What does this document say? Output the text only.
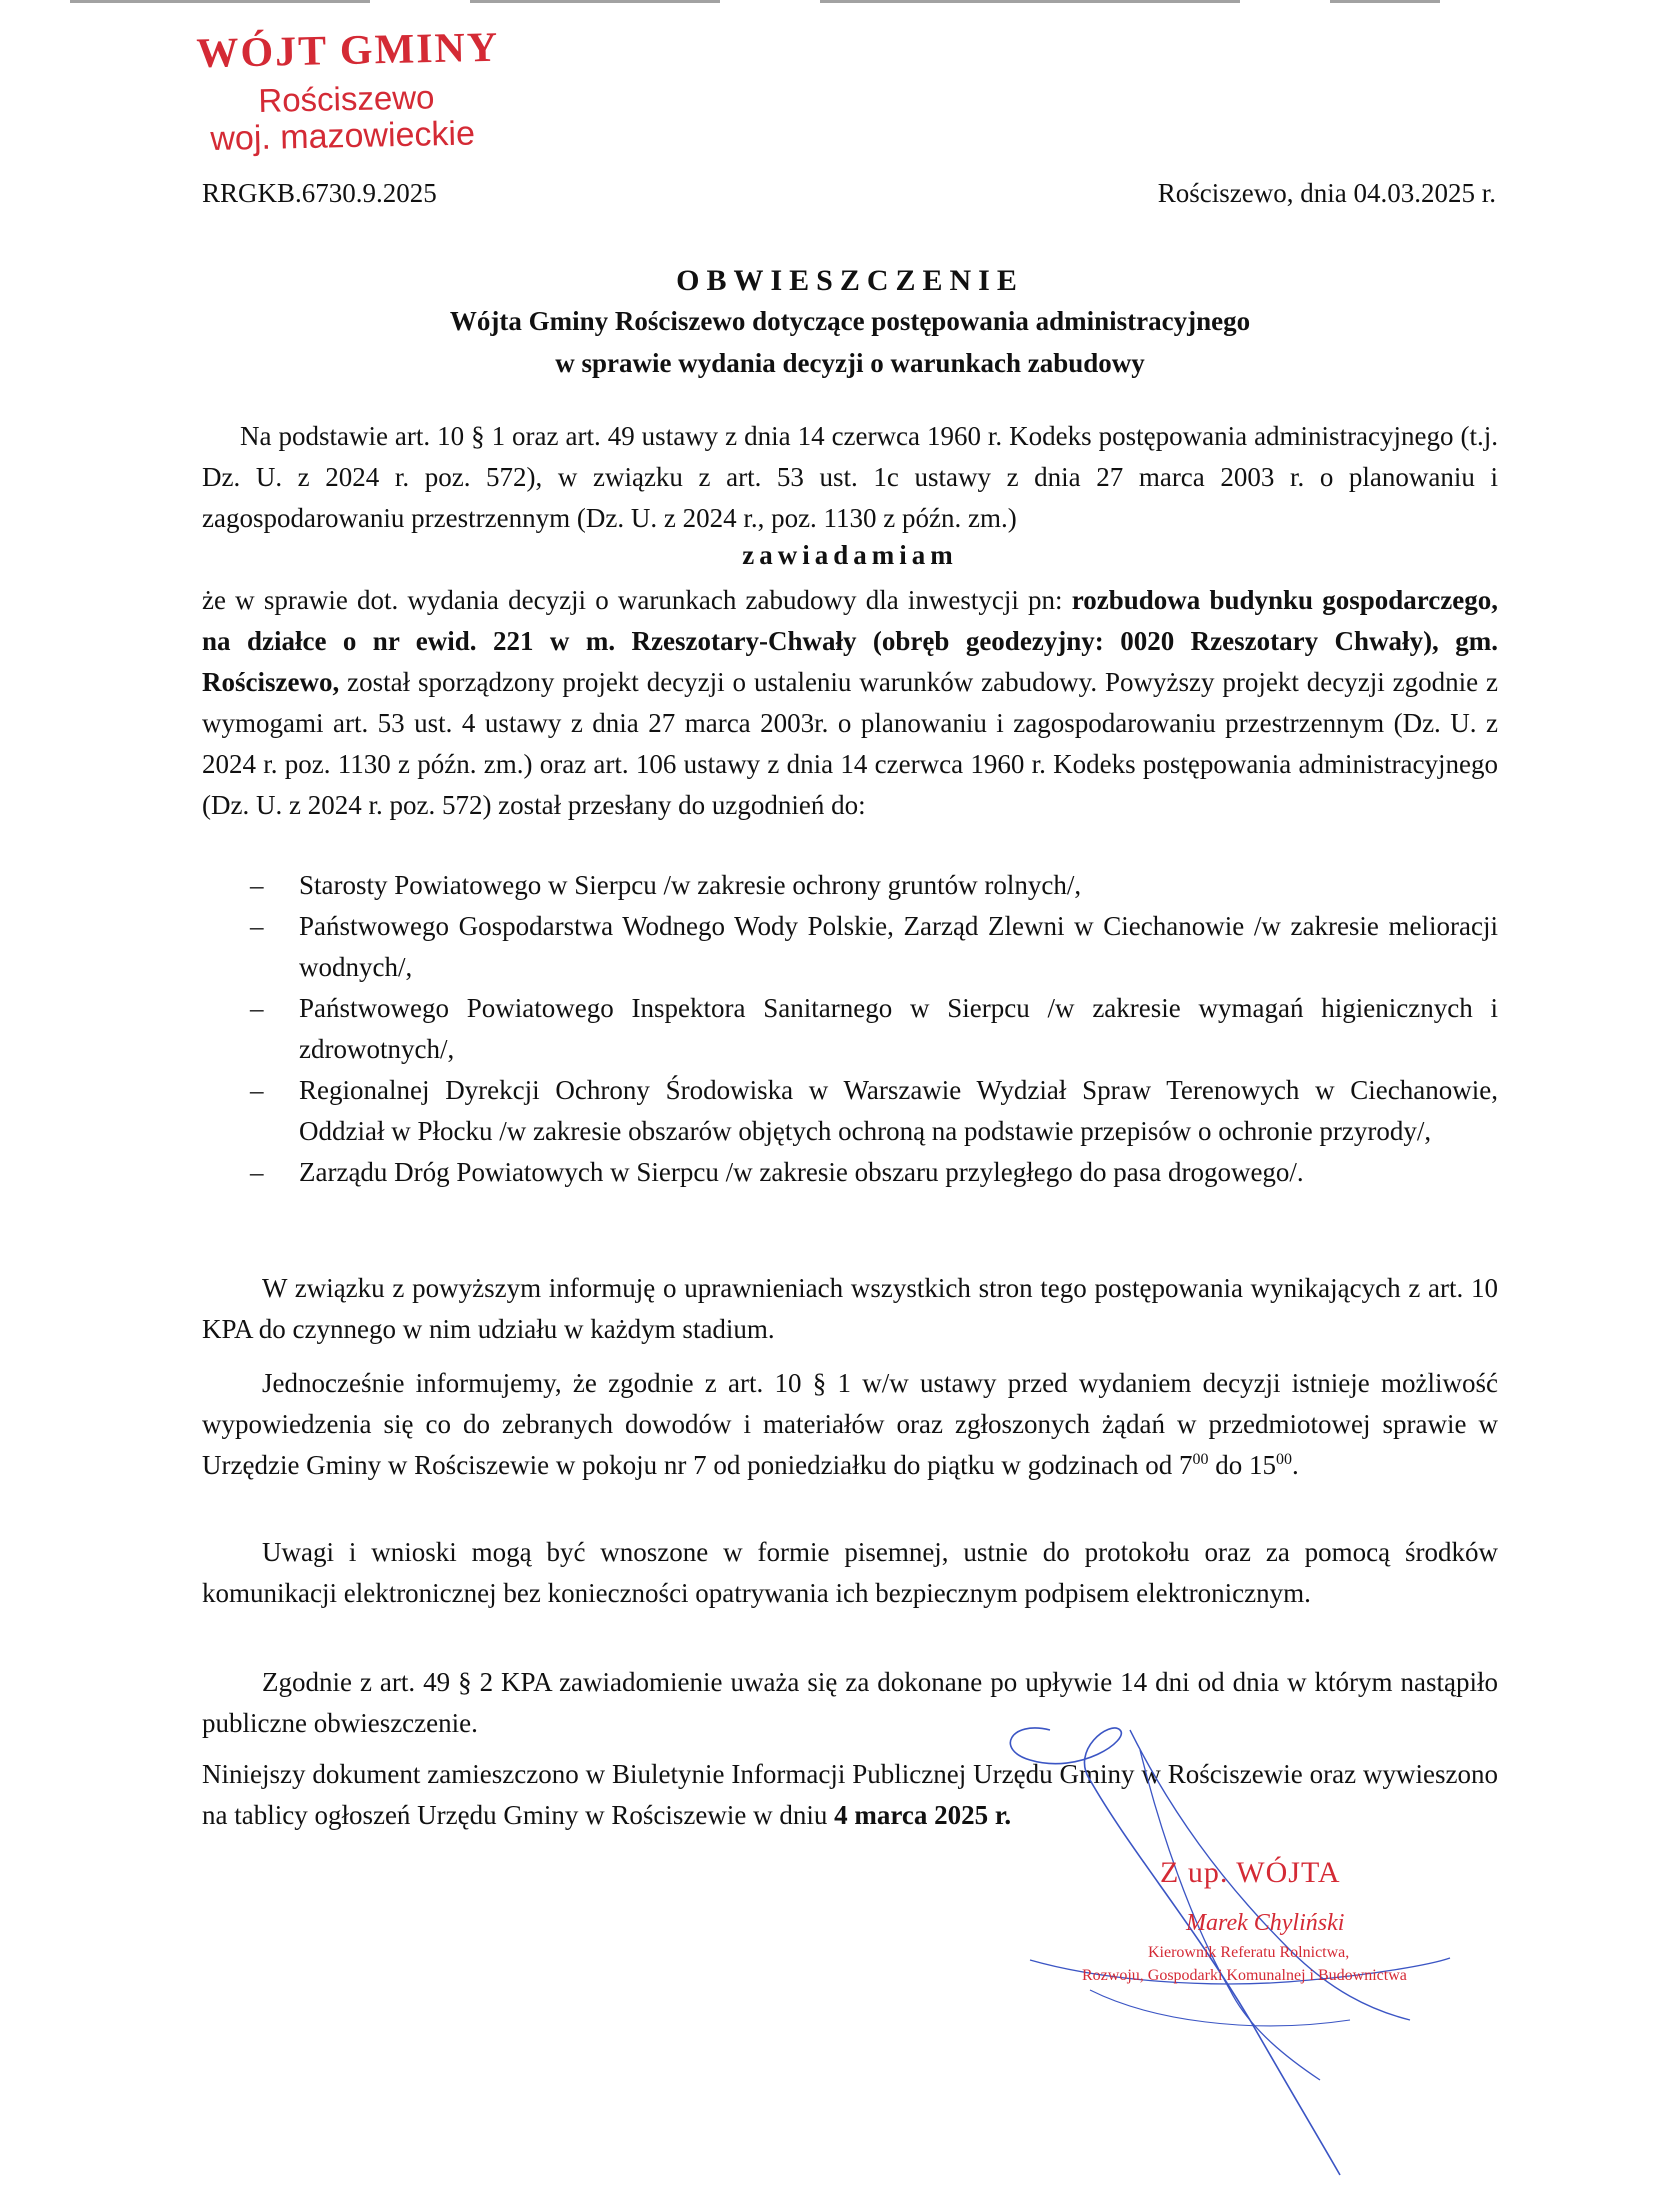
WÓJT GMINY
Rościszewo
woj. mazowieckie
RRGKB.6730.9.2025	Rościszewo, dnia 04.03.2025 r.
OBWIESZCZENIE
Wójta Gminy Rościszewo dotyczące postępowania administracyjnego
w sprawie wydania decyzji o warunkach zabudowy

Na podstawie art. 10 § 1 oraz art. 49 ustawy z dnia 14 czerwca 1960 r. Kodeks postępowania administracyjnego (t.j. Dz. U. z 2024 r. poz. 572), w związku z art. 53 ust. 1c ustawy z dnia 27 marca 2003 r. o planowaniu i zagospodarowaniu przestrzennym (Dz. U. z 2024 r., poz. 1130 z późn. zm.)

zawiadamiam

że w sprawie dot. wydania decyzji o warunkach zabudowy dla inwestycji pn: rozbudowa budynku gospodarczego, na działce o nr ewid. 221 w m. Rzeszotary-Chwały (obręb geodezyjny: 0020 Rzeszotary Chwały), gm. Rościszewo, został sporządzony projekt decyzji o ustaleniu warunków zabudowy. Powyższy projekt decyzji zgodnie z wymogami art. 53 ust. 4 ustawy z dnia 27 marca 2003r. o planowaniu i zagospodarowaniu przestrzennym (Dz. U. z 2024 r. poz. 1130 z późn. zm.) oraz art. 106 ustawy z dnia 14 czerwca 1960 r. Kodeks postępowania administracyjnego (Dz. U. z 2024 r. poz. 572) został przesłany do uzgodnień do:

– Starosty Powiatowego w Sierpcu /w zakresie ochrony gruntów rolnych/,
– Państwowego Gospodarstwa Wodnego Wody Polskie, Zarząd Zlewni w Ciechanowie /w zakresie melioracji wodnych/,
– Państwowego Powiatowego Inspektora Sanitarnego w Sierpcu /w zakresie wymagań higienicznych i zdrowotnych/,
– Regionalnej Dyrekcji Ochrony Środowiska w Warszawie Wydział Spraw Terenowych w Ciechanowie, Oddział w Płocku /w zakresie obszarów objętych ochroną na podstawie przepisów o ochronie przyrody/,
– Zarządu Dróg Powiatowych w Sierpcu /w zakresie obszaru przyległego do pasa drogowego/.

W związku z powyższym informuję o uprawnieniach wszystkich stron tego postępowania wynikających z art. 10 KPA do czynnego w nim udziału w każdym stadium.

Jednocześnie informujemy, że zgodnie z art. 10 § 1 w/w ustawy przed wydaniem decyzji istnieje możliwość wypowiedzenia się co do zebranych dowodów i materiałów oraz zgłoszonych żądań w przedmiotowej sprawie w Urzędzie Gminy w Rościszewie w pokoju nr 7 od poniedziałku do piątku w godzinach od $7^{00}$ do $15^{00}$.

Uwagi i wnioski mogą być wnoszone w formie pisemnej, ustnie do protokołu oraz za pomocą środków komunikacji elektronicznej bez konieczności opatrywania ich bezpiecznym podpisem elektronicznym.

Zgodnie z art. 49 § 2 KPA zawiadomienie uważa się za dokonane po upływie 14 dni od dnia w którym nastąpiło publiczne obwieszczenie.

Niniejszy dokument zamieszczono w Biuletynie Informacji Publicznej Urzędu Gminy w Rościszewie oraz wywieszono na tablicy ogłoszeń Urzędu Gminy w Rościszewie w dniu 4 marca 2025 r.

Z up. WÓJTA
Marek Chyliński
Kierownik Referatu Rolnictwa,
Rozwoju, Gospodarki Komunalnej i Budownictwa
